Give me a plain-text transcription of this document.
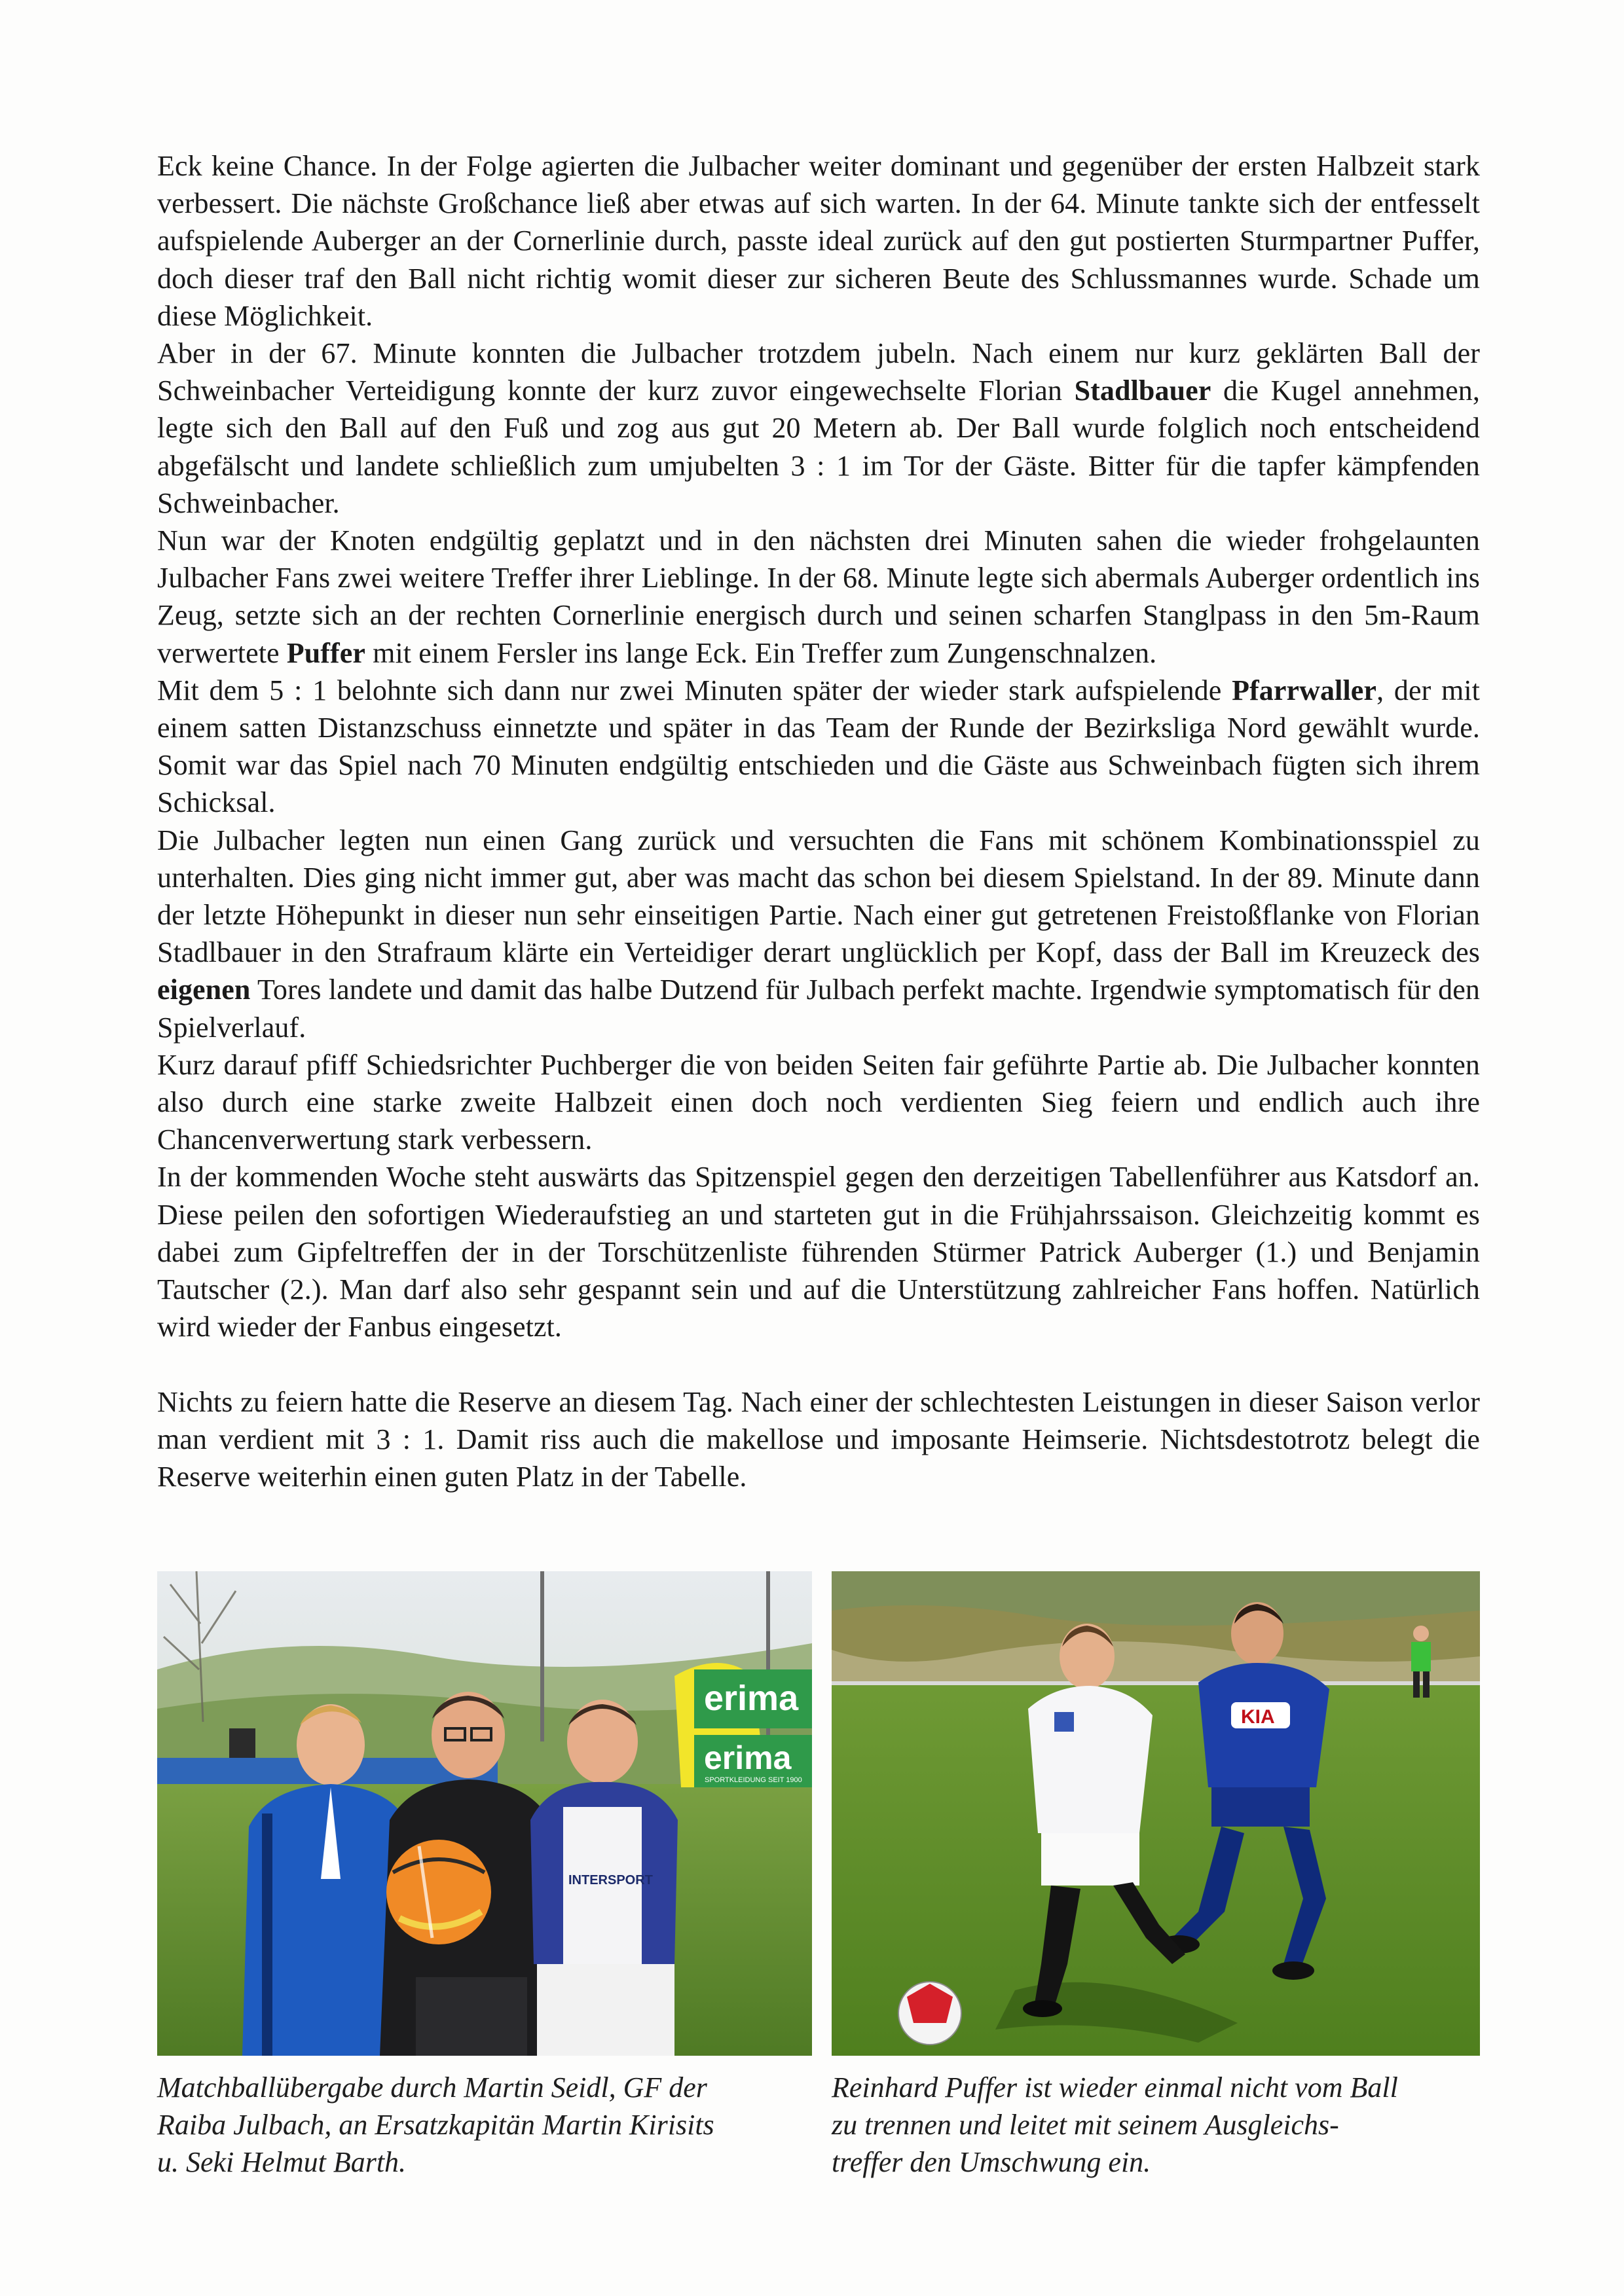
Eck keine Chance. In der Folge agierten die Julbacher weiter dominant und gegenüber der ersten Halbzeit stark verbessert. Die nächste Großchance ließ aber etwas auf sich warten. In der 64. Minute tankte sich der entfesselt aufspielende Auberger an der Cornerlinie durch, passte ideal zurück auf den gut postierten Sturmpartner Puffer, doch dieser traf den Ball nicht richtig womit dieser zur sicheren Beute des Schlussmannes wurde. Schade um diese Möglichkeit.

Aber in der 67. Minute konnten die Julbacher trotzdem jubeln. Nach einem nur kurz geklärten Ball der Schweinbacher Verteidigung konnte der kurz zuvor eingewechselte Florian Stadlbauer die Kugel annehmen, legte sich den Ball auf den Fuß und zog aus gut 20 Metern ab. Der Ball wurde folglich noch entscheidend abgefälscht und landete schließlich zum umjubelten 3 : 1 im Tor der Gäste. Bitter für die tapfer kämpfenden Schweinbacher.

Nun war der Knoten endgültig geplatzt und in den nächsten drei Minuten sahen die wieder frohgelaunten Julbacher Fans zwei weitere Treffer ihrer Lieblinge. In der 68. Minute legte sich abermals Auberger ordentlich ins Zeug, setzte sich an der rechten Cornerlinie energisch durch und seinen scharfen Stanglpass in den 5m-Raum verwertete Puffer mit einem Fersler ins lange Eck. Ein Treffer zum Zungenschnalzen.

Mit dem 5 : 1 belohnte sich dann nur zwei Minuten später der wieder stark aufspielende Pfarrwaller, der mit einem satten Distanzschuss einnetzte und später in das Team der Runde der Bezirksliga Nord gewählt wurde. Somit war das Spiel nach 70 Minuten endgültig entschieden und die Gäste aus Schweinbach fügten sich ihrem Schicksal.

Die Julbacher legten nun einen Gang zurück und versuchten die Fans mit schönem Kombinationsspiel zu unterhalten. Dies ging nicht immer gut, aber was macht das schon bei diesem Spielstand. In der 89. Minute dann der letzte Höhepunkt in dieser nun sehr einseitigen Partie. Nach einer gut getretenen Freistoßflanke von Florian Stadlbauer in den Strafraum klärte ein Verteidiger derart unglücklich per Kopf, dass der Ball im Kreuzeck des eigenen Tores landete und damit das halbe Dutzend für Julbach perfekt machte. Irgendwie symptomatisch für den Spielverlauf.

Kurz darauf pfiff Schiedsrichter Puchberger die von beiden Seiten fair geführte Partie ab. Die Julbacher konnten also durch eine starke zweite Halbzeit einen doch noch verdienten Sieg feiern und endlich auch ihre Chancenverwertung stark verbessern.

In der kommenden Woche steht auswärts das Spitzenspiel gegen den derzeitigen Tabellenführer aus Katsdorf an. Diese peilen den sofortigen Wiederaufstieg an und starteten gut in die Frühjahrssaison. Gleichzeitig kommt es dabei zum Gipfeltreffen der in der Torschützenliste führenden Stürmer Patrick Auberger (1.) und Benjamin Tautscher (2.). Man darf also sehr gespannt sein und auf die Unterstützung zahlreicher Fans hoffen. Natürlich wird wieder der Fanbus eingesetzt.

Nichts zu feiern hatte die Reserve an diesem Tag. Nach einer der schlechtesten Leistungen in dieser Saison verlor man verdient mit 3 : 1. Damit riss auch die makellose und imposante Heimserie. Nichtsdestotrotz belegt die Reserve weiterhin einen guten Platz in der Tabelle.

erima
erima
SPORTKLEIDUNG SEIT 1900
INTERSPORT
KIA
Matchballübergabe durch Martin Seidl, GF der
Raiba Julbach, an Ersatzkapitän Martin Kirisits
u. Seki Helmut Barth.
Reinhard Puffer ist wieder einmal nicht vom Ball
zu trennen und leitet mit seinem Ausgleichs-
treffer den Umschwung ein.
